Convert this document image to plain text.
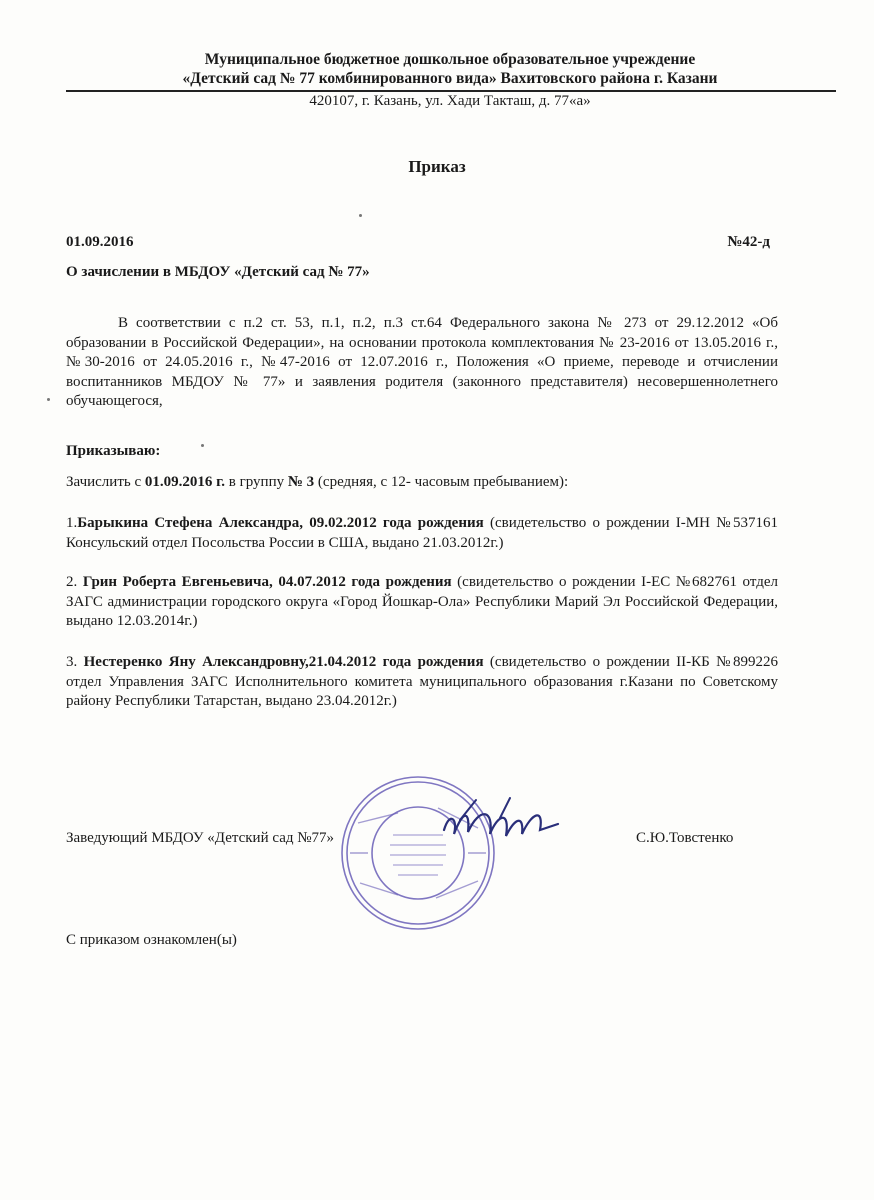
Муниципальное бюджетное дошкольное образовательное учреждение
«Детский сад № 77 комбинированного вида» Вахитовского района г. Казани
420107, г. Казань, ул. Хади Такташ, д. 77«а»
Приказ
01.09.2016	№42-д
О зачислении в МБДОУ «Детский сад № 77»
В соответствии с п.2 ст. 53, п.1, п.2, п.3 ст.64 Федерального закона № 273 от 29.12.2012 «Об образовании в Российской Федерации», на основании протокола комплектования № 23-2016 от 13.05.2016 г., №30-2016 от 24.05.2016 г., №47-2016 от 12.07.2016 г., Положения «О приеме, переводе и отчислении воспитанников МБДОУ № 77» и заявления родителя (законного представителя) несовершеннолетнего обучающегося,
Приказываю:
Зачислить с 01.09.2016 г. в группу № 3 (средняя, с 12- часовым пребыванием):
1.Барыкина Стефена Александра, 09.02.2012 года рождения (свидетельство о рождении I-МН №537161 Консульский отдел Посольства России в США, выдано 21.03.2012г.)
2. Грин Роберта Евгеньевича, 04.07.2012 года рождения (свидетельство о рождении I-ЕС №682761 отдел ЗАГС администрации городского округа «Город Йошкар-Ола» Республики Марий Эл Российской Федерации, выдано 12.03.2014г.)
3. Нестеренко Яну Александровну,21.04.2012 года рождения (свидетельство о рождении II-КБ №899226 отдел Управления ЗАГС Исполнительного комитета муниципального образования г.Казани по Советскому району Республики Татарстан, выдано 23.04.2012г.)
Заведующий МБДОУ «Детский сад №77»	С.Ю.Товстенко
С приказом ознакомлен(ы)
